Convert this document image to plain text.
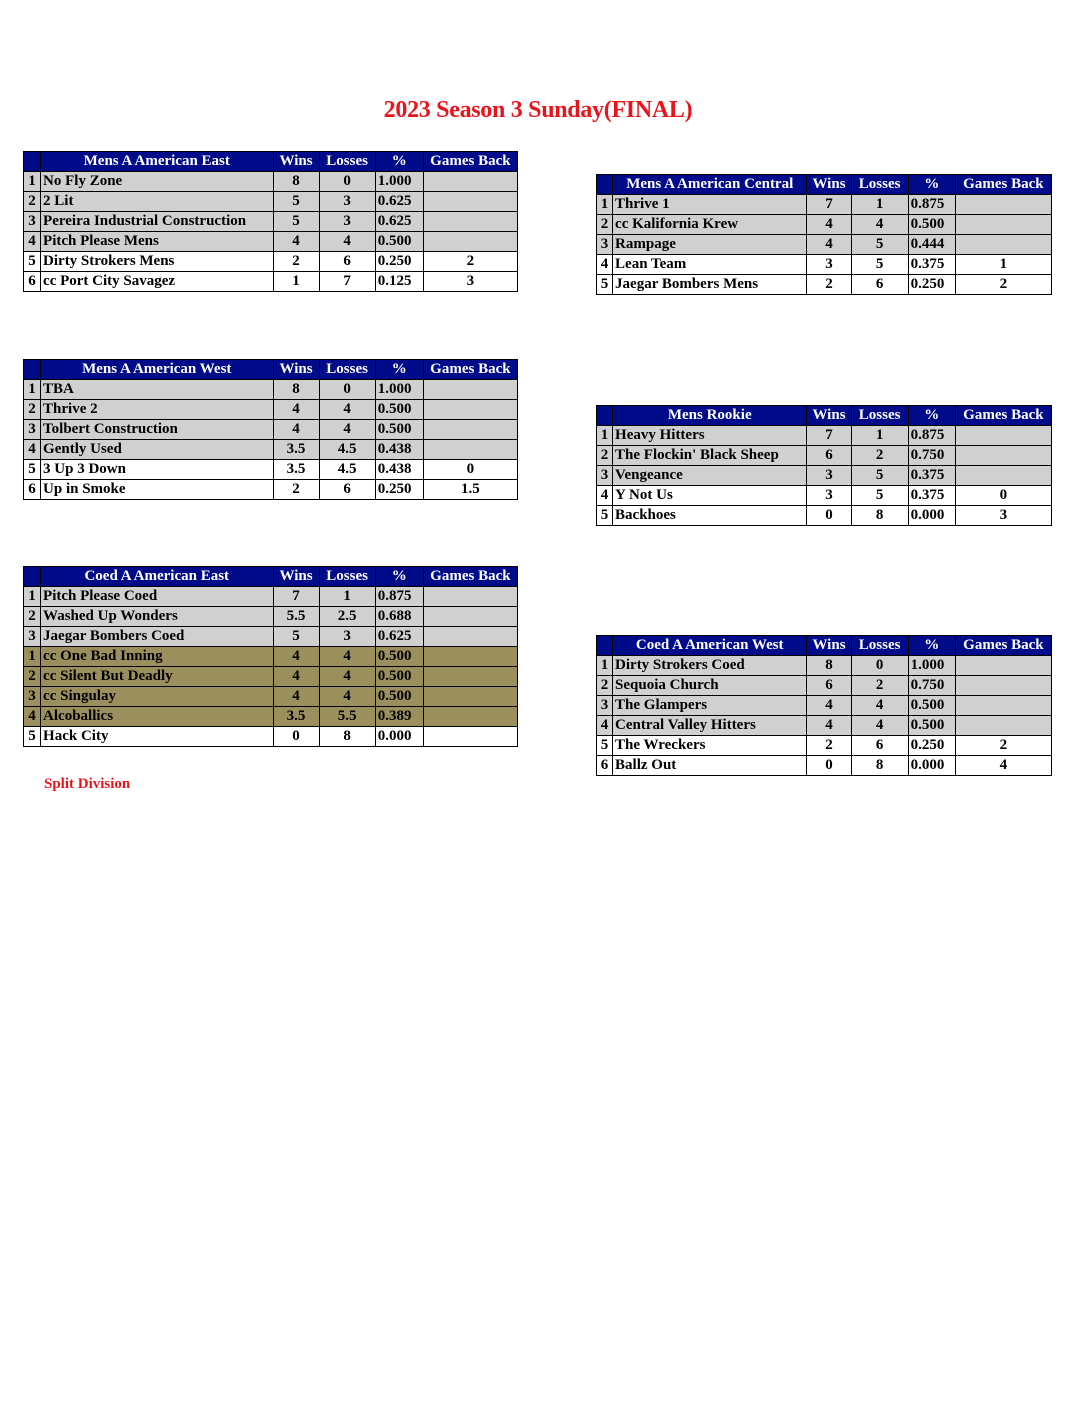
2023 Season 3 Sunday(FINAL)
	Mens A American East	Wins	Losses	%	Games Back
1	No Fly Zone	8	0	1.000	
2	2 Lit	5	3	0.625	
3	Pereira Industrial Construction	5	3	0.625	
4	Pitch Please Mens	4	4	0.500	
5	Dirty Strokers Mens	2	6	0.250	2
6	cc Port City Savagez	1	7	0.125	3
	Mens A American Central	Wins	Losses	%	Games Back
1	Thrive 1	7	1	0.875	
2	cc Kalifornia Krew	4	4	0.500	
3	Rampage	4	5	0.444	
4	Lean Team	3	5	0.375	1
5	Jaegar Bombers Mens	2	6	0.250	2
	Mens A American West	Wins	Losses	%	Games Back
1	TBA	8	0	1.000	
2	Thrive 2	4	4	0.500	
3	Tolbert Construction	4	4	0.500	
4	Gently Used	3.5	4.5	0.438	
5	3 Up 3 Down	3.5	4.5	0.438	0
6	Up in Smoke	2	6	0.250	1.5
	Mens Rookie	Wins	Losses	%	Games Back
1	Heavy Hitters	7	1	0.875	
2	The Flockin' Black Sheep	6	2	0.750	
3	Vengeance	3	5	0.375	
4	Y Not Us	3	5	0.375	0
5	Backhoes	0	8	0.000	3
	Coed A American East	Wins	Losses	%	Games Back
1	Pitch Please Coed	7	1	0.875	
2	Washed Up Wonders	5.5	2.5	0.688	
3	Jaegar Bombers Coed	5	3	0.625	
1	cc One Bad Inning	4	4	0.500	
2	cc Silent But Deadly	4	4	0.500	
3	cc Singulay	4	4	0.500	
4	Alcoballics	3.5	5.5	0.389	
5	Hack City	0	8	0.000	
	Coed A American West	Wins	Losses	%	Games Back
1	Dirty Strokers Coed	8	0	1.000	
2	Sequoia Church	6	2	0.750	
3	The Glampers	4	4	0.500	
4	Central Valley Hitters	4	4	0.500	
5	The Wreckers	2	6	0.250	2
6	Ballz Out	0	8	0.000	4
Split Division
